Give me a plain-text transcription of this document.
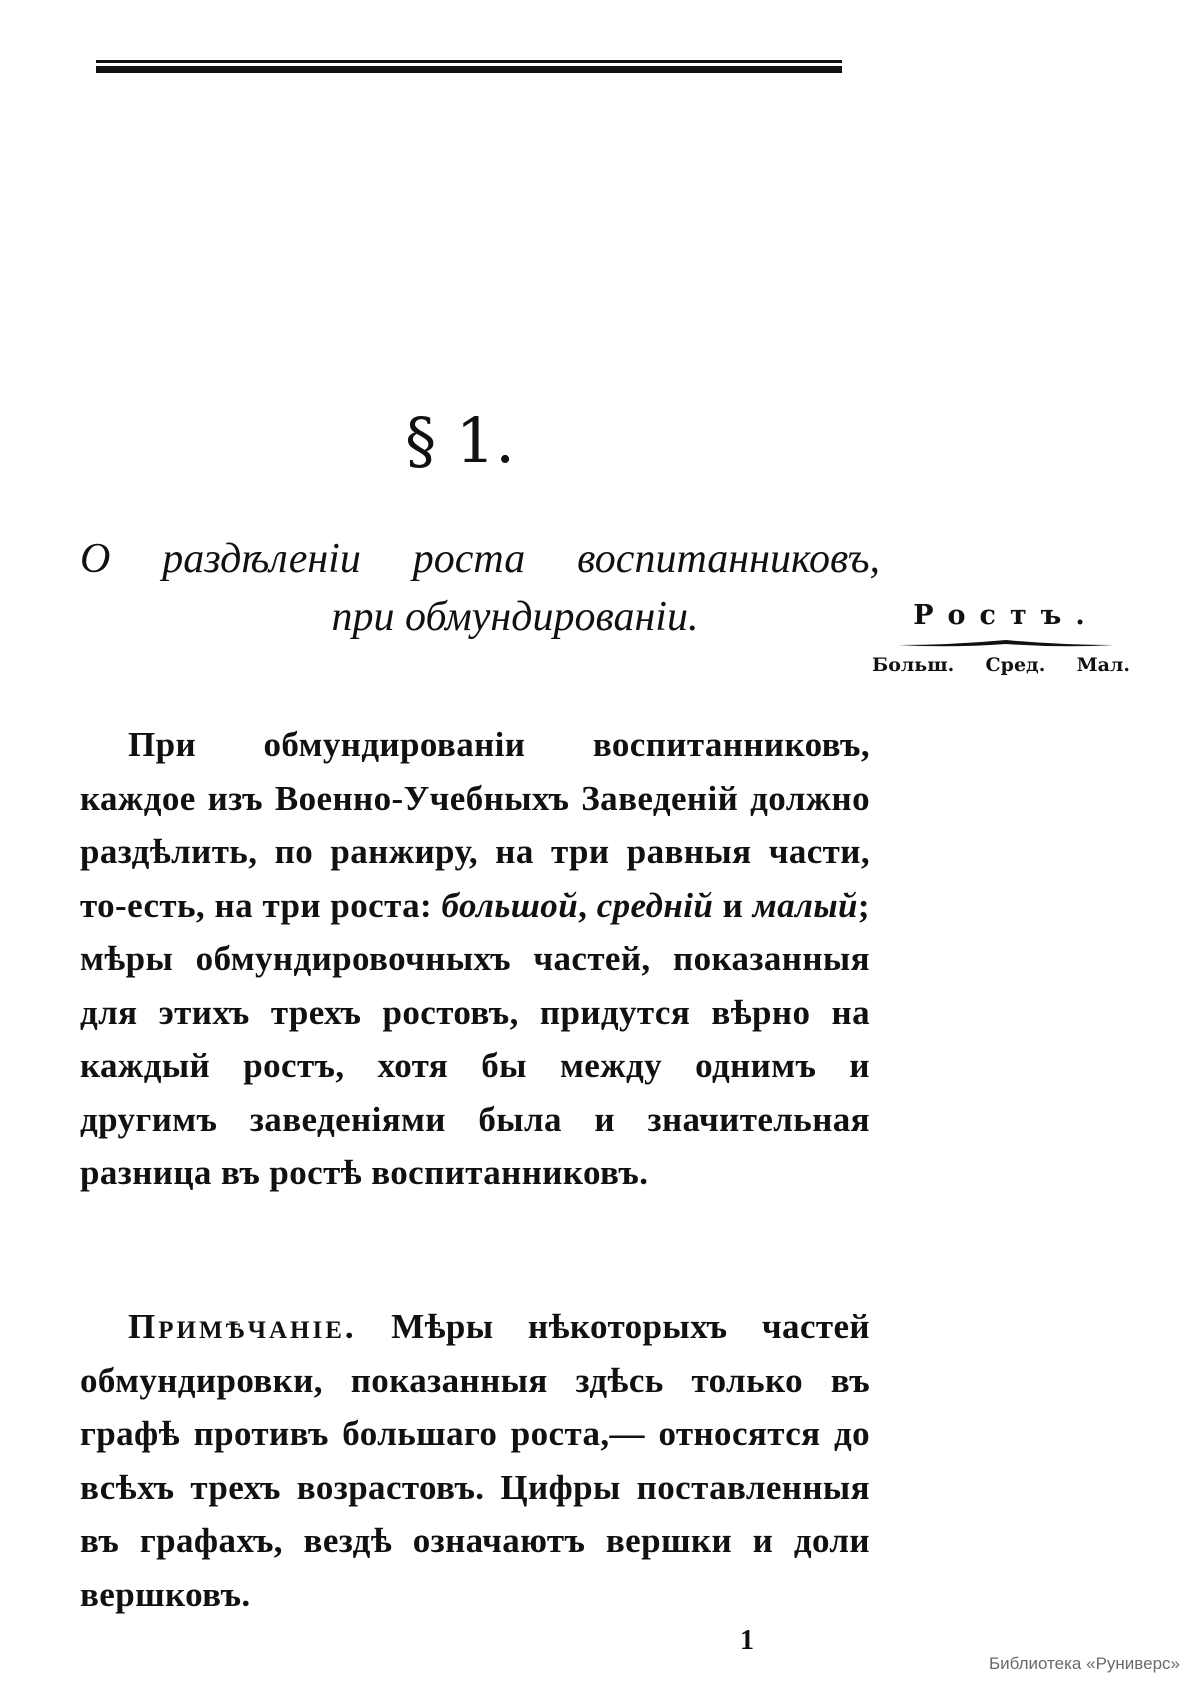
§ 1.
О раздѣленіи роста воспитанниковъ,
при обмундированіи.	Ростъ.
Больш. Сред. Мал.
При обмундированіи воспитанниковъ, каждое изъ Военно-Учебныхъ Заведеній должно раздѣлить, по ранжиру, на три равныя части, то-есть, на три роста: большой, средній и малый; мѣры обмундировочныхъ частей, показанныя для этихъ трехъ ростовъ, придутся вѣрно на каждый ростъ, хотя бы между однимъ и другимъ заведеніями была и значительная разница въ ростѣ воспитанниковъ.
Примѣчаніе. Мѣры нѣкоторыхъ частей обмундировки, показанныя здѣсь только въ графѣ противъ большаго роста,— относятся до всѣхъ трехъ возрастовъ. Цифры поставленныя въ графахъ, вездѣ означаютъ вершки и доли вершковъ.
1
Библиотека «Руниверс»
